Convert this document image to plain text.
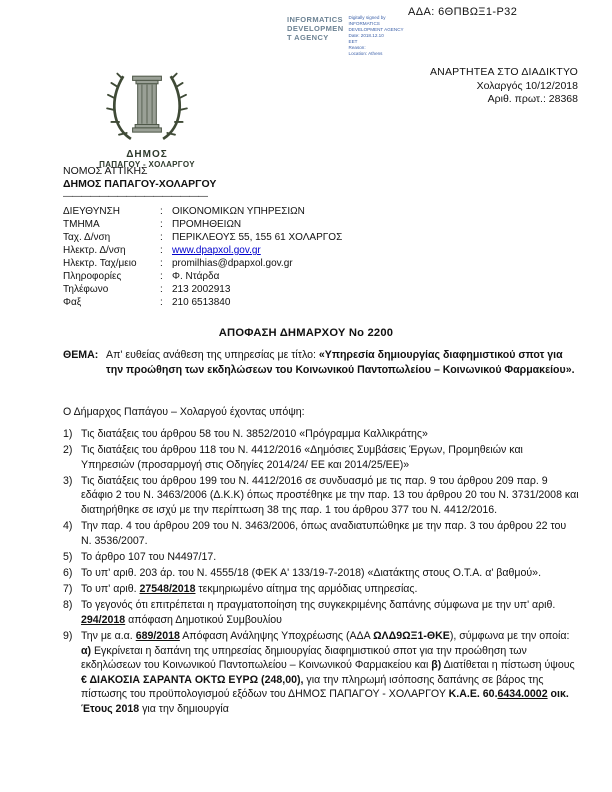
ΑΔΑ: 6ΘΠΒΩΞ1-Ρ32
INFORMATICS
DEVELOPMEN
T AGENCY
Digitally signed by
INFORMATICS
DEVELOPMENT AGENCY
Date: 2018.12.10
EET
Reason:
Location: Athens
ΑΝΑΡΤΗΤΕΑ ΣΤΟ ΔΙΑΔΙΚΤΥΟ
Χολαργός 10/12/2018
Αριθ. πρωτ.: 28368
ΔΗΜΟΣ
ΠΑΠΑΓΟΥ - ΧΟΛΑΡΓΟΥ
ΝΟΜΟΣ ΑΤΤΙΚΗΣ
ΔΗΜΟΣ ΠΑΠΑΓΟΥ-ΧΟΛΑΡΓΟΥ
————————————————
ΔΙΕΥΘΥΝΣΗ	: ΟΙΚΟΝΟΜΙΚΩΝ ΥΠΗΡΕΣΙΩΝ
ΤΜΗΜΑ	: ΠΡΟΜΗΘΕΙΩΝ
Ταχ. Δ/νση	: ΠΕΡΙΚΛΕΟΥΣ 55, 155 61 ΧΟΛΑΡΓΟΣ
Ηλεκτρ. Δ/νση	: www.dpapxol.gov.gr
Ηλεκτρ. Ταχ/μειο	: promilhias@dpapxol.gov.gr
Πληροφορίες	: Φ. Ντάρδα
Τηλέφωνο	: 213 2002913
Φαξ	: 210 6513840
ΑΠΟΦΑΣΗ ΔΗΜΑΡΧΟΥ Νο 2200
ΘΕΜΑ: Απ' ευθείας ανάθεση της υπηρεσίας με τίτλο: «Υπηρεσία δημιουργίας διαφημιστικού σποτ για την προώθηση των εκδηλώσεων του Κοινωνικού Παντοπωλείου – Κοινωνικού Φαρμακείου».
Ο Δήμαρχος Παπάγου – Χολαργού έχοντας υπόψη:
1) Τις διατάξεις του άρθρου 58 του Ν. 3852/2010 «Πρόγραμμα Καλλικράτης»
2) Τις διατάξεις του άρθρου 118 του Ν. 4412/2016 «Δημόσιες Συμβάσεις Έργων, Προμηθειών και Υπηρεσιών (προσαρμογή στις Οδηγίες 2014/24/ ΕΕ και 2014/25/ΕΕ)»
3) Τις διατάξεις του άρθρου 199 του Ν. 4412/2016 σε συνδυασμό με τις παρ. 9 του άρθρου 209 παρ. 9 εδάφιο 2 του Ν. 3463/2006 (Δ.Κ.Κ) όπως προστέθηκε με την παρ. 13 του άρθρου 20 του Ν. 3731/2008 και διατηρήθηκε σε ισχύ με την περίπτωση 38 της παρ. 1 του άρθρου 377 του Ν. 4412/2016.
4) Την παρ. 4 του άρθρου 209 του Ν. 3463/2006, όπως αναδιατυπώθηκε με την παρ. 3 του άρθρου 22 του Ν. 3536/2007.
5) Το άρθρο 107 του Ν4497/17.
6) Το υπ' αριθ. 203 άρ. του Ν. 4555/18 (ΦΕΚ Α' 133/19-7-2018) «Διατάκτης στους Ο.Τ.Α. α' βαθμού».
7) Το υπ' αριθ. 27548/2018 τεκμηριωμένο αίτημα της αρμόδιας υπηρεσίας.
8) Το γεγονός ότι επιτρέπεται η πραγματοποίηση της συγκεκριμένης δαπάνης σύμφωνα με την υπ' αριθ. 294/2018 απόφαση Δημοτικού Συμβουλίου
9) Την με α.α. 689/2018 Απόφαση Ανάληψης Υποχρέωσης (ΑΔΑ ΩΛΔ9ΩΞ1-ΘΚΕ), σύμφωνα με την οποία: α) Εγκρίνεται η δαπάνη της υπηρεσίας δημιουργίας διαφημιστικού σποτ για την προώθηση των εκδηλώσεων του Κοινωνικού Παντοπωλείου – Κοινωνικού Φαρμακείου και β) Διατίθεται η πίστωση ύψους € ΔΙΑΚΟΣΙΑ ΣΑΡΑΝΤΑ ΟΚΤΩ ΕΥΡΩ (248,00), για την πληρωμή ισόποσης δαπάνης σε βάρος της πίστωσης του προϋπολογισμού εξόδων του ΔΗΜΟΣ ΠΑΠΑΓΟΥ - ΧΟΛΑΡΓΟΥ Κ.Α.Ε. 60.6434.0002 οικ. Έτους 2018 για την δημιουργία
